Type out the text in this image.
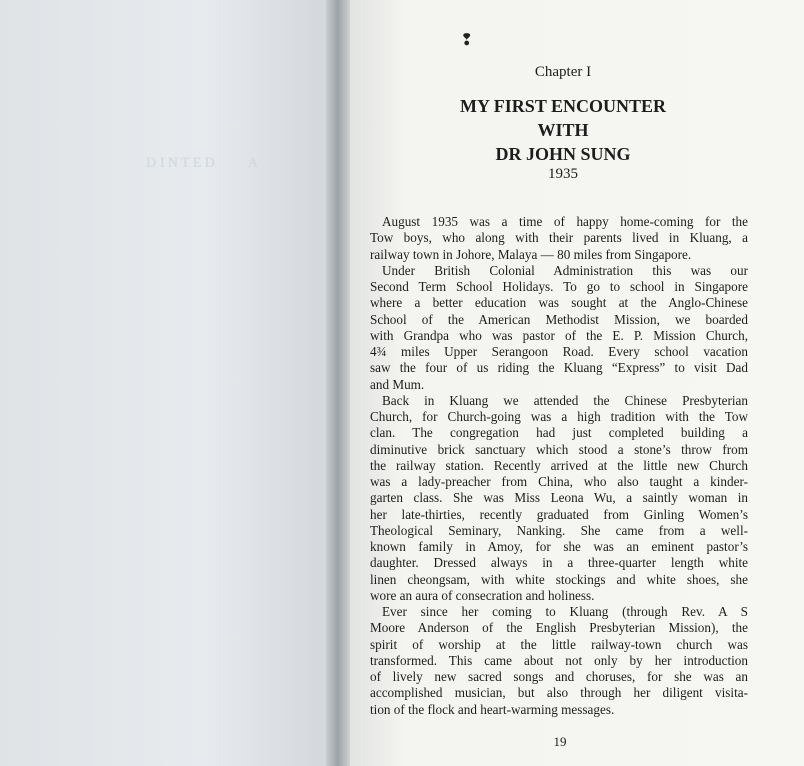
ᴅɪɴᴛᴇᴅ ᴀ
❢
Chapter I
MY FIRST ENCOUNTER
WITH
DR JOHN SUNG
1935
August 1935 was a time of happy home-coming for the
Tow boys, who along with their parents lived in Kluang, a
railway town in Johore, Malaya — 80 miles from Singapore.
Under British Colonial Administration this was our
Second Term School Holidays. To go to school in Singapore
where a better education was sought at the Anglo-Chinese
School of the American Methodist Mission, we boarded
with Grandpa who was pastor of the E. P. Mission Church,
4¾ miles Upper Serangoon Road. Every school vacation
saw the four of us riding the Kluang “Express” to visit Dad
and Mum.
Back in Kluang we attended the Chinese Presbyterian
Church, for Church-going was a high tradition with the Tow
clan. The congregation had just completed building a
diminutive brick sanctuary which stood a stone’s throw from
the railway station. Recently arrived at the little new Church
was a lady-preacher from China, who also taught a kinder-
garten class. She was Miss Leona Wu, a saintly woman in
her late-thirties, recently graduated from Ginling Women’s
Theological Seminary, Nanking. She came from a well-
known family in Amoy, for she was an eminent pastor’s
daughter. Dressed always in a three-quarter length white
linen cheongsam, with white stockings and white shoes, she
wore an aura of consecration and holiness.
Ever since her coming to Kluang (through Rev. A S
Moore Anderson of the English Presbyterian Mission), the
spirit of worship at the little railway-town church was
transformed. This came about not only by her introduction
of lively new sacred songs and choruses, for she was an
accomplished musician, but also through her diligent visita-
tion of the flock and heart-warming messages.
19
